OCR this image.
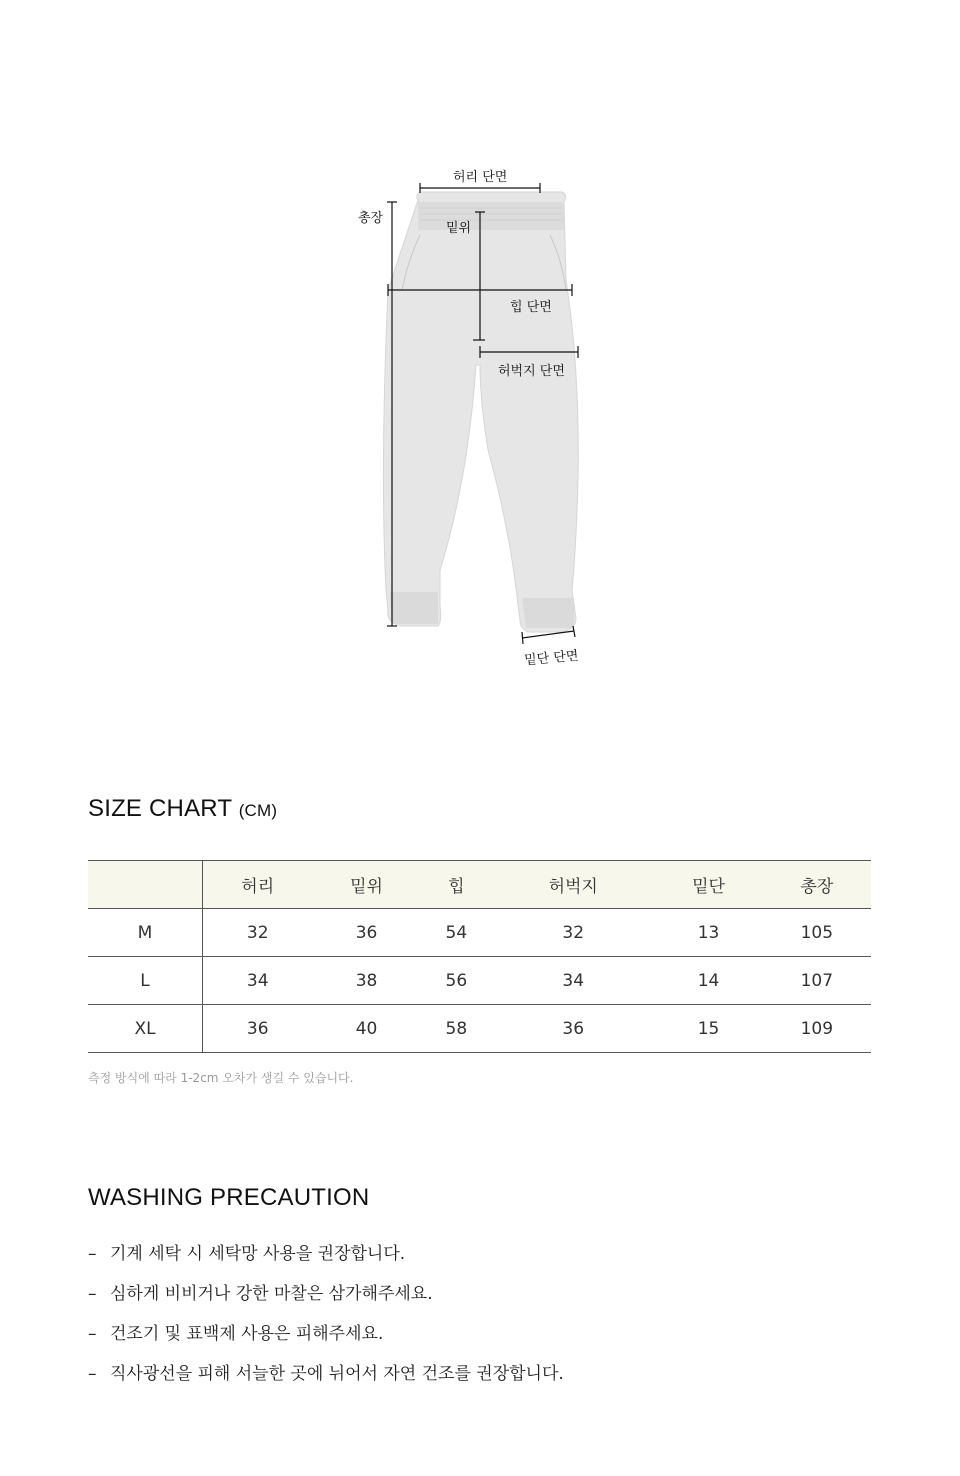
허리 단면
총장
밑위
힙 단면
허벅지 단면
밑단 단면
SIZE CHART (CM)
	허리	밑위	힙	허벅지	밑단	총장
M	32	36	54	32	13	105
L	34	38	56	34	14	107
XL	36	40	58	36	15	109
측정 방식에 따라 1-2cm 오차가 생길 수 있습니다.
WASHING PRECAUTION
– 기계 세탁 시 세탁망 사용을 권장합니다.
– 심하게 비비거나 강한 마찰은 삼가해주세요.
– 건조기 및 표백제 사용은 피해주세요.
– 직사광선을 피해 서늘한 곳에 뉘어서 자연 건조를 권장합니다.
